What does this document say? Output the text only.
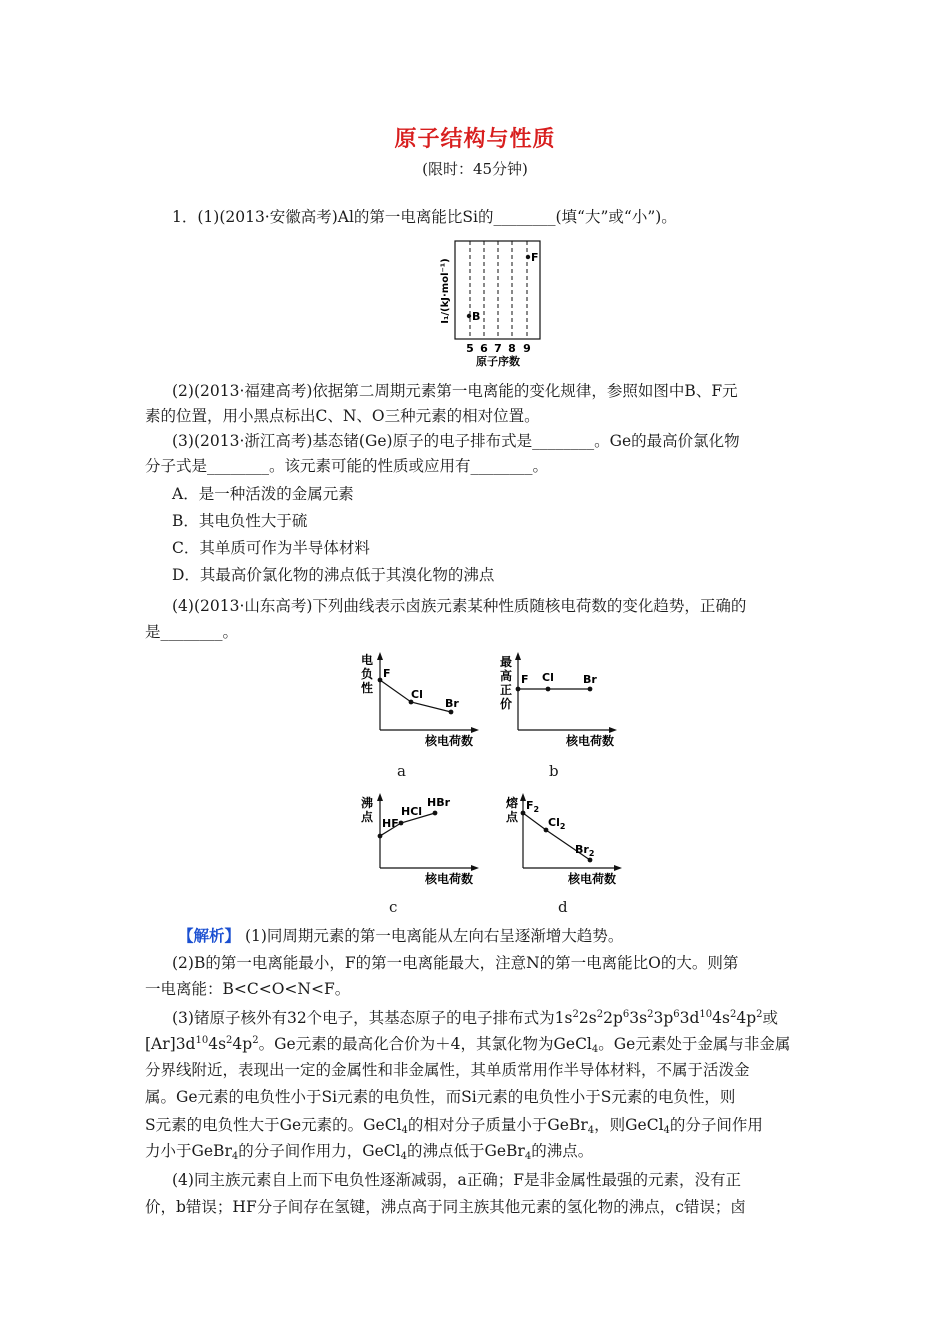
原子结构与性质
(限时：45分钟)
1．(1)(2013·安徽高考)Al的第一电离能比Si的________(填“大”或“小”)。
B
F
5 6 7 8 9
原子序数
I₁/(kJ·mol⁻¹)
(2)(2013·福建高考)依据第二周期元素第一电离能的变化规律，参照如图中B、F元
素的位置，用小黑点标出C、N、O三种元素的相对位置。
(3)(2013·浙江高考)基态锗(Ge)原子的电子排布式是________。Ge的最高价氯化物
分子式是________。该元素可能的性质或应用有________。
A．是一种活泼的金属元素
B．其电负性大于硫
C．其单质可作为半导体材料
D．其最高价氯化物的沸点低于其溴化物的沸点
(4)(2013·山东高考)下列曲线表示卤族元素某种性质随核电荷数的变化趋势，正确的
是________。
F
Cl
Br
电
负
性
核电荷数
a
F Cl	Br
最
高
正
价
核电荷数
b
HF
HCl
HBr
沸
点
核电荷数
c
$F_2$
$Cl_2$
$Br_2$
熔
点
核电荷数
d
【解析】 (1)同周期元素的第一电离能从左向右呈逐渐增大趋势。
(2)B的第一电离能最小，F的第一电离能最大，注意N的第一电离能比O的大。则第
一电离能：B<C<O<N<F。
(3)锗原子核外有32个电子，其基态原子的电子排布式为$1s^22s^22p^63s^23p^63d^{10}4s^24p^2$或
$[Ar]3d^{10}4s^24p^2$。Ge元素的最高化合价为＋4，其氯化物为GeCl$_4$。Ge元素处于金属与非金属
分界线附近，表现出一定的金属性和非金属性，其单质常用作半导体材料，不属于活泼金
属。Ge元素的电负性小于Si元素的电负性，而Si元素的电负性小于S元素的电负性，则
S元素的电负性大于Ge元素的。GeCl$_4$的相对分子质量小于GeBr$_4$，则GeCl$_4$的分子间作用
力小于GeBr$_4$的分子间作用力，GeCl$_4$的沸点低于GeBr$_4$的沸点。
(4)同主族元素自上而下电负性逐渐减弱，a正确；F是非金属性最强的元素，没有正
价，b错误；HF分子间存在氢键，沸点高于同主族其他元素的氢化物的沸点，c错误；卤
